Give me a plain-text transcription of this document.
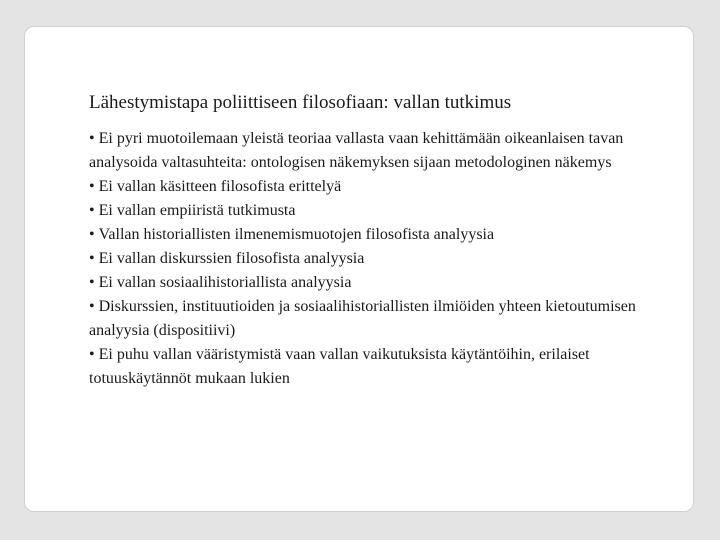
Lähestymistapa poliittiseen filosofiaan: vallan tutkimus
• Ei pyri muotoilemaan yleistä teoriaa vallasta vaan kehittämään oikeanlaisen tavan analysoida valtasuhteita: ontologisen näkemyksen sijaan metodologinen näkemys
• Ei vallan käsitteen filosofista erittelyä
• Ei vallan empiiristä tutkimusta
• Vallan historiallisten ilmenemismuotojen filosofista analyysia
• Ei vallan diskurssien filosofista analyysia
• Ei vallan sosiaalihistoriallista analyysia
• Diskurssien, instituutioiden ja sosiaalihistoriallisten ilmiöiden yhteen kietoutumisen analyysia (dispositiivi)
• Ei puhu vallan vääristymistä vaan vallan vaikutuksista käytäntöihin, erilaiset totuuskäytännöt mukaan lukien
